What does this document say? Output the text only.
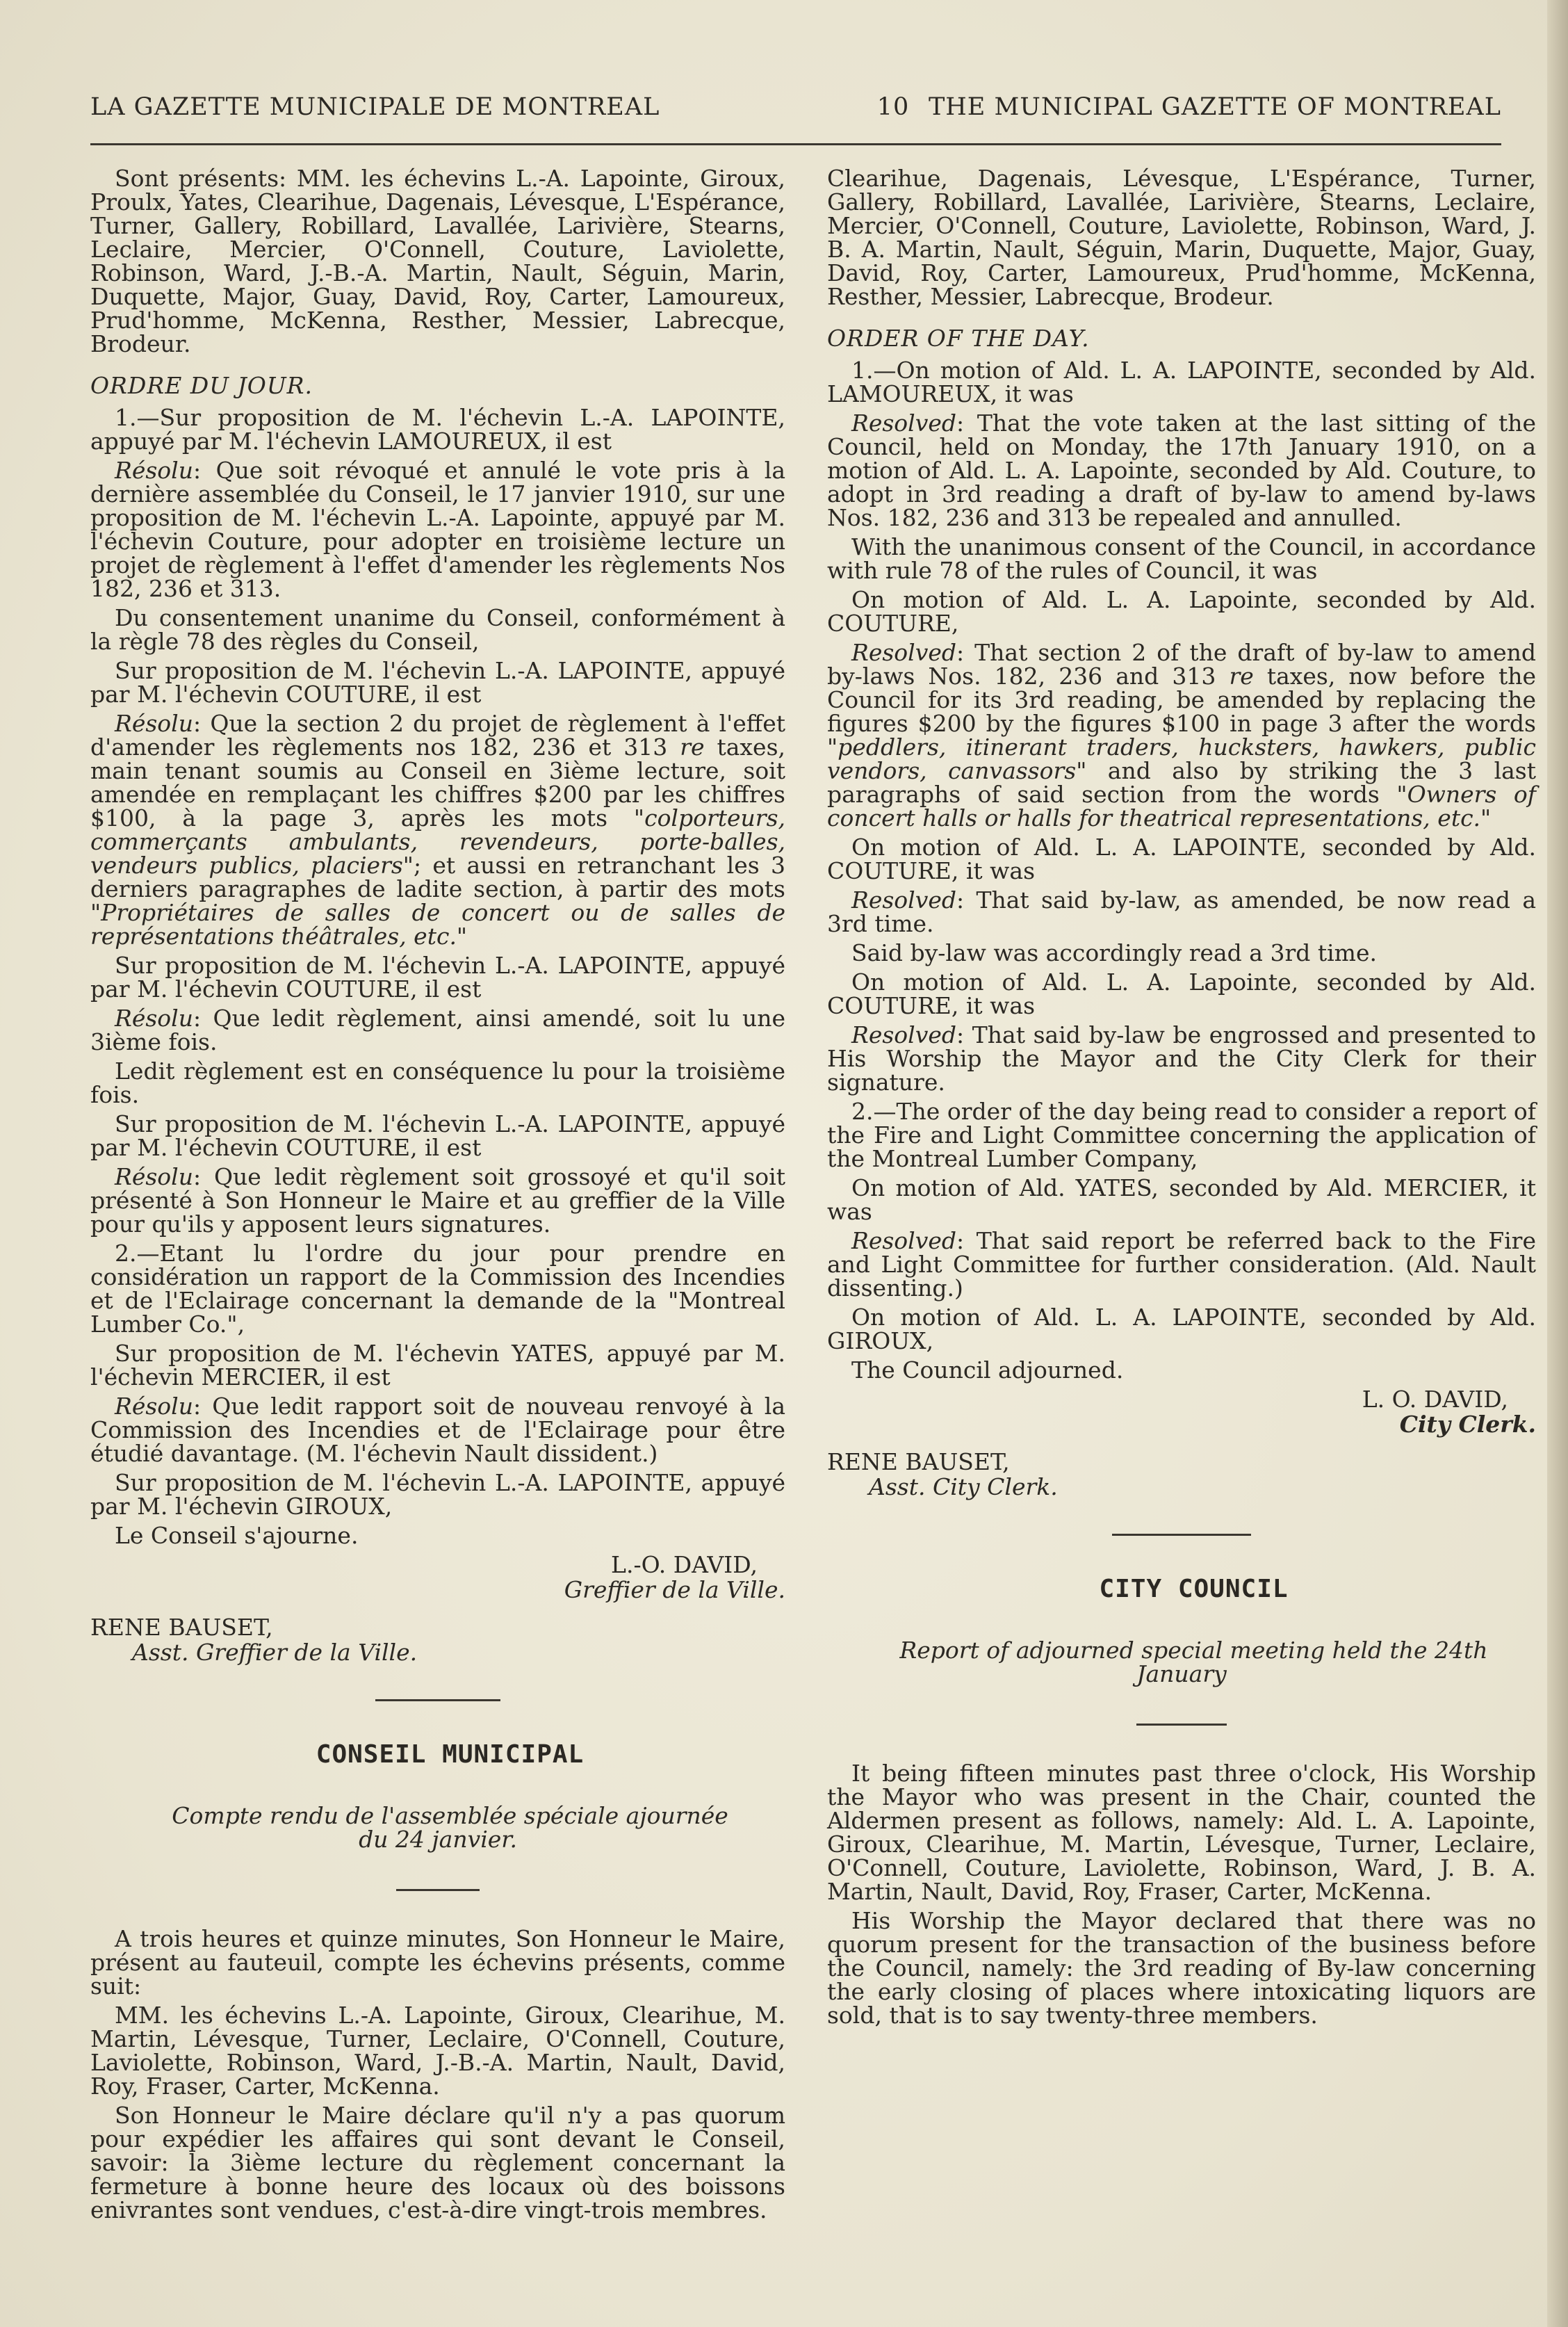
LA GAZETTE MUNICIPALE DE MONTREAL	10 THE MUNICIPAL GAZETTE OF MONTREAL

Sont présents: MM. les échevins L.-A. Lapointe, Giroux, Proulx, Yates, Clearihue, Dagenais, Lévesque, L'Espérance, Turner, Gallery, Robillard, Lavallée, Larivière, Stearns, Leclaire, Mercier, O'Connell, Couture, Laviolette, Robinson, Ward, J.-B.-A. Martin, Nault, Séguin, Marin, Duquette, Major, Guay, David, Roy, Carter, Lamoureux, Prud'homme, McKenna, Resther, Messier, Labrecque, Brodeur.

ORDRE DU JOUR.

1.—Sur proposition de M. l'échevin L.-A. LAPOINTE, appuyé par M. l'échevin LAMOUREUX, il est

Résolu: Que soit révoqué et annulé le vote pris à la dernière assemblée du Conseil, le 17 janvier 1910, sur une proposition de M. l'échevin L.-A. Lapointe, appuyé par M. l'échevin Couture, pour adopter en troisième lecture un projet de règlement à l'effet d'amender les règlements Nos 182, 236 et 313.

Du consentement unanime du Conseil, conformément à la règle 78 des règles du Conseil,

Sur proposition de M. l'échevin L.-A. LAPOINTE, appuyé par M. l'échevin COUTURE, il est

Résolu: Que la section 2 du projet de règlement à l'effet d'amender les règlements nos 182, 236 et 313 re taxes, main tenant soumis au Conseil en 3ième lecture, soit amendée en remplaçant les chiffres $200 par les chiffres $100, à la page 3, après les mots "colporteurs, commerçants ambulants, revendeurs, porte-balles, vendeurs publics, placiers"; et aussi en retranchant les 3 derniers paragraphes de ladite section, à partir des mots "Propriétaires de salles de concert ou de salles de représentations théâtrales, etc."

Sur proposition de M. l'échevin L.-A. LAPOINTE, appuyé par M. l'échevin COUTURE, il est

Résolu: Que ledit règlement, ainsi amendé, soit lu une 3ième fois.

Ledit règlement est en conséquence lu pour la troisième fois.

Sur proposition de M. l'échevin L.-A. LAPOINTE, appuyé par M. l'échevin COUTURE, il est

Résolu: Que ledit règlement soit grossoyé et qu'il soit présenté à Son Honneur le Maire et au greffier de la Ville pour qu'ils y apposent leurs signatures.

2.—Etant lu l'ordre du jour pour prendre en considération un rapport de la Commission des Incendies et de l'Eclairage concernant la demande de la "Montreal Lumber Co.",

Sur proposition de M. l'échevin YATES, appuyé par M. l'échevin MERCIER, il est

Résolu: Que ledit rapport soit de nouveau renvoyé à la Commission des Incendies et de l'Eclairage pour être étudié davantage. (M. l'échevin Nault dissident.)

Sur proposition de M. l'échevin L.-A. LAPOINTE, appuyé par M. l'échevin GIROUX,

Le Conseil s'ajourne.

L.-O. DAVID,
Greffier de la Ville.
RENE BAUSET,
Asst. Greffier de la Ville.

CONSEIL MUNICIPAL

Compte rendu de l'assemblée spéciale ajournée du 24 janvier.

A trois heures et quinze minutes, Son Honneur le Maire, présent au fauteuil, compte les échevins présents, comme suit:

MM. les échevins L.-A. Lapointe, Giroux, Clearihue, M. Martin, Lévesque, Turner, Leclaire, O'Connell, Couture, Laviolette, Robinson, Ward, J.-B.-A. Martin, Nault, David, Roy, Fraser, Carter, McKenna.

Son Honneur le Maire déclare qu'il n'y a pas quorum pour expédier les affaires qui sont devant le Conseil, savoir: la 3ième lecture du règlement concernant la fermeture à bonne heure des locaux où des boissons enivrantes sont vendues, c'est-à-dire vingt-trois membres.

Clearihue, Dagenais, Lévesque, L'Espérance, Turner, Gallery, Robillard, Lavallée, Larivière, Stearns, Leclaire, Mercier, O'Connell, Couture, Laviolette, Robinson, Ward, J. B. A. Martin, Nault, Séguin, Marin, Duquette, Major, Guay, David, Roy, Carter, Lamoureux, Prud'homme, McKenna, Resther, Messier, Labrecque, Brodeur.

ORDER OF THE DAY.

1.—On motion of Ald. L. A. LAPOINTE, seconded by Ald. LAMOUREUX, it was

Resolved: That the vote taken at the last sitting of the Council, held on Monday, the 17th January 1910, on a motion of Ald. L. A. Lapointe, seconded by Ald. Couture, to adopt in 3rd reading a draft of by-law to amend by-laws Nos. 182, 236 and 313 be repealed and annulled.

With the unanimous consent of the Council, in accordance with rule 78 of the rules of Council, it was

On motion of Ald. L. A. Lapointe, seconded by Ald. COUTURE,

Resolved: That section 2 of the draft of by-law to amend by-laws Nos. 182, 236 and 313 re taxes, now before the Council for its 3rd reading, be amended by replacing the figures $200 by the figures $100 in page 3 after the words "peddlers, itinerant traders, hucksters, hawkers, public vendors, canvassors" and also by striking the 3 last paragraphs of said section from the words "Owners of concert halls or halls for theatrical representations, etc."

On motion of Ald. L. A. LAPOINTE, seconded by Ald. COUTURE, it was

Resolved: That said by-law, as amended, be now read a 3rd time.

Said by-law was accordingly read a 3rd time.

On motion of Ald. L. A. Lapointe, seconded by Ald. COUTURE, it was

Resolved: That said by-law be engrossed and presented to His Worship the Mayor and the City Clerk for their signature.

2.—The order of the day being read to consider a report of the Fire and Light Committee concerning the application of the Montreal Lumber Company,

On motion of Ald. YATES, seconded by Ald. MERCIER, it was

Resolved: That said report be referred back to the Fire and Light Committee for further consideration. (Ald. Nault dissenting.)

On motion of Ald. L. A. LAPOINTE, seconded by Ald. GIROUX,

The Council adjourned.

L. O. DAVID,
City Clerk.
RENE BAUSET,
Asst. City Clerk.

CITY COUNCIL

Report of adjourned special meeting held the 24th January

It being fifteen minutes past three o'clock, His Worship the Mayor who was present in the Chair, counted the Aldermen present as follows, namely: Ald. L. A. Lapointe, Giroux, Clearihue, M. Martin, Lévesque, Turner, Leclaire, O'Connell, Couture, Laviolette, Robinson, Ward, J. B. A. Martin, Nault, David, Roy, Fraser, Carter, McKenna.

His Worship the Mayor declared that there was no quorum present for the transaction of the business before the Council, namely: the 3rd reading of By-law concerning the early closing of places where intoxicating liquors are sold, that is to say twenty-three members.
